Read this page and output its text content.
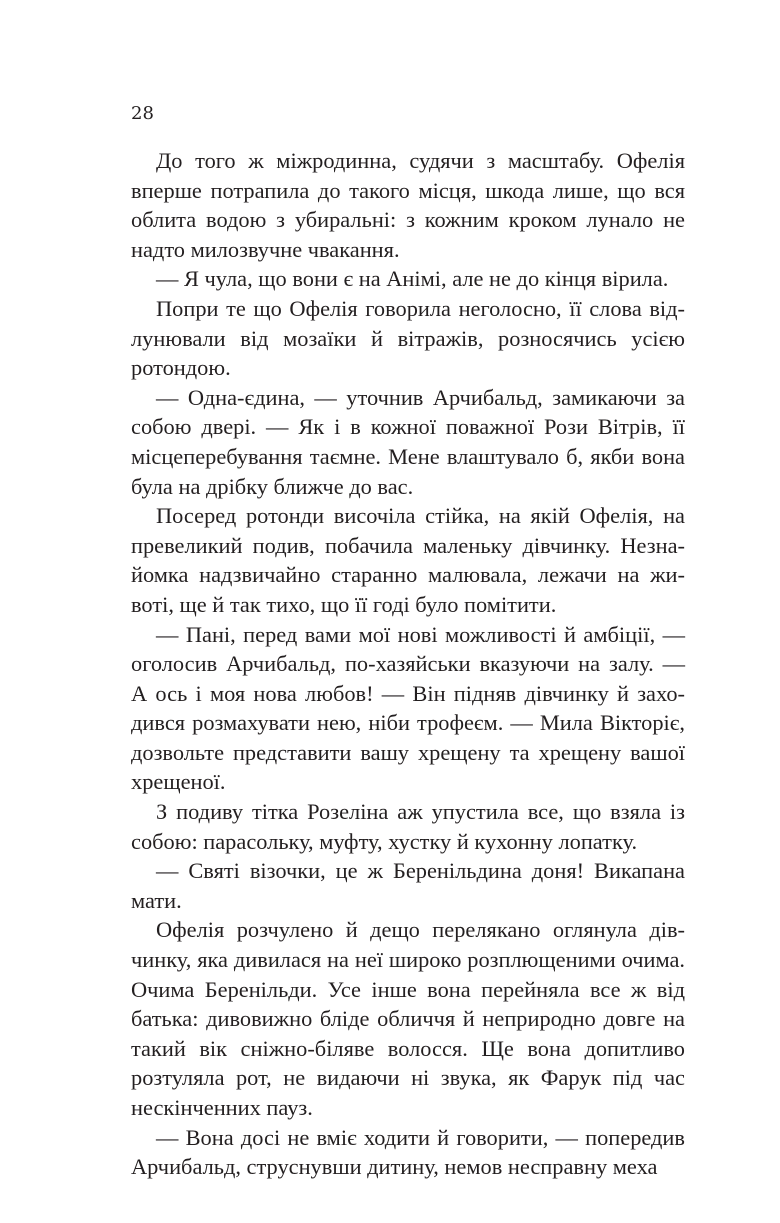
28

До того ж міжродинна, судячи з масштабу. Офелія вперше потрапила до такого місця, шкода лише, що вся облита водою з убиральні: з кожним кроком лунало не надто милозвучне чвакання.

— Я чула, що вони є на Анімі, але не до кінця вірила.

Попри те що Офелія говорила неголосно, її слова відлунювали від мозаїки й вітражів, розносячись усією ротондою.

— Одна-єдина, — уточнив Арчибальд, замикаючи за собою двері. — Як і в кожної поважної Рози Вітрів, її місцеперебування таємне. Мене влаштувало б, якби вона була на дрібку ближче до вас.

Посеред ротонди височіла стійка, на якій Офелія, на превеликий подив, побачила маленьку дівчинку. Незнайомка надзвичайно старанно малювала, лежачи на животі, ще й так тихо, що її годі було помітити.

— Пані, перед вами мої нові можливості й амбіції, — оголосив Арчибальд, по-хазяйськи вказуючи на залу. — А ось і моя нова любов! — Він підняв дівчинку й заходився розмахувати нею, ніби трофеєм. — Мила Вікторіє, дозвольте представити вашу хрещену та хрещену вашої хрещеної.

З подиву тітка Розеліна аж упустила все, що взяла із собою: парасольку, муфту, хустку й кухонну лопатку.

— Святі візочки, це ж Беренільдина доня! Викапана мати.

Офелія розчулено й дещо перелякано оглянула дівчинку, яка дивилася на неї широко розплющеними очима. Очима Беренільди. Усе інше вона перейняла все ж від батька: дивовижно бліде обличчя й неприродно довге на такий вік сніжно-біляве волосся. Ще вона допитливо розтуляла рот, не видаючи ні звука, як Фарук під час нескінченних пауз.

— Вона досі не вміє ходити й говорити, — попередив Арчибальд, струснувши дитину, немов несправну меха
